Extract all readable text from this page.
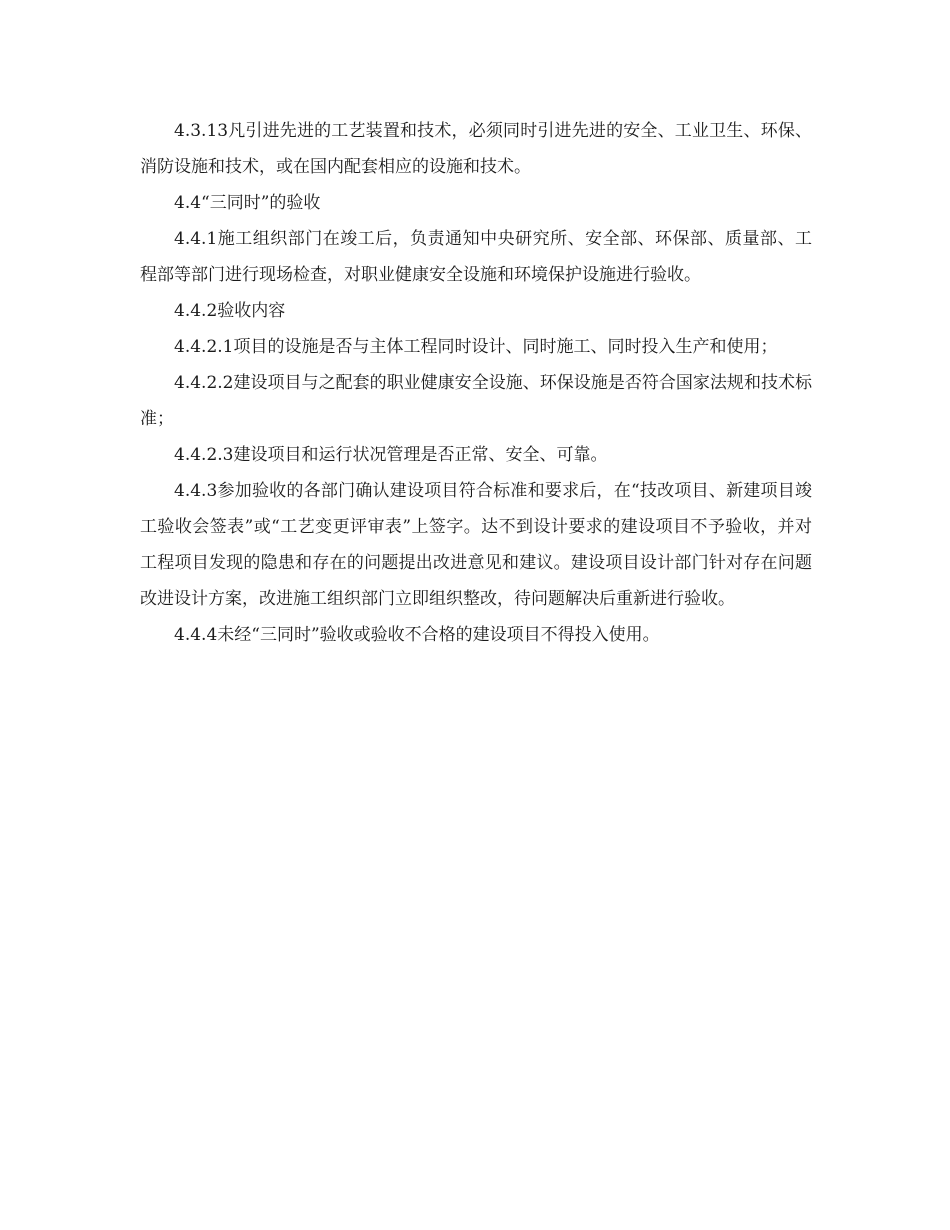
4.3.13凡引进先进的工艺装置和技术，必须同时引进先进的安全、工业卫生、环保、消防设施和技术，或在国内配套相应的设施和技术。

4.4“三同时”的验收

4.4.1施工组织部门在竣工后，负责通知中央研究所、安全部、环保部、质量部、工程部等部门进行现场检查，对职业健康安全设施和环境保护设施进行验收。

4.4.2验收内容

4.4.2.1项目的设施是否与主体工程同时设计、同时施工、同时投入生产和使用；

4.4.2.2建设项目与之配套的职业健康安全设施、环保设施是否符合国家法规和技术标准；

4.4.2.3建设项目和运行状况管理是否正常、安全、可靠。

4.4.3参加验收的各部门确认建设项目符合标准和要求后，在“技改项目、新建项目竣工验收会签表”或“工艺变更评审表”上签字。达不到设计要求的建设项目不予验收，并对工程项目发现的隐患和存在的问题提出改进意见和建议。建设项目设计部门针对存在问题改进设计方案，改进施工组织部门立即组织整改，待问题解决后重新进行验收。

4.4.4未经“三同时”验收或验收不合格的建设项目不得投入使用。
